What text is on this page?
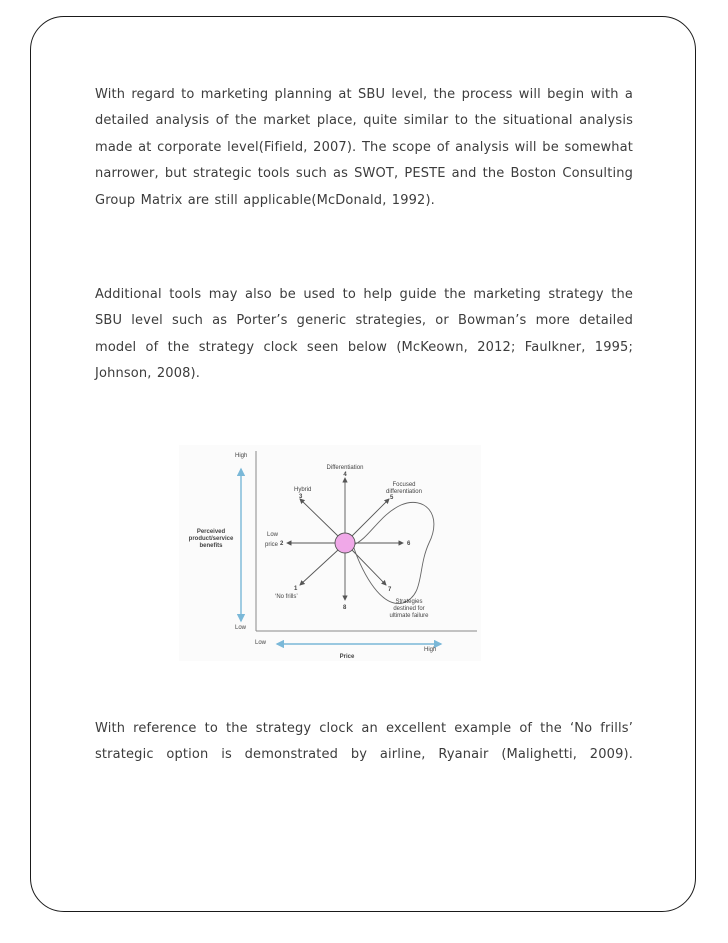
With regard to marketing planning at SBU level, the process will begin with a detailed analysis of the market place, quite similar to the situational analysis made at corporate level(Fifield, 2007). The scope of analysis will be somewhat narrower, but strategic tools such as SWOT, PESTE and the Boston Consulting Group Matrix are still applicable(McDonald, 1992).

Additional tools may also be used to help guide the marketing strategy the SBU level such as Porter’s generic strategies, or Bowman’s more detailed model of the strategy clock seen below (McKeown, 2012; Faulkner, 1995; Johnson, 2008).

High
Low
Perceived
product/service
benefits
Low
High
Price
Differentiation
4
Hybrid
3
Focused
differentiation
5
Low
price 2	6
1
‘No frills’
8
7
Strategies
destined for
ultimate failure

With reference to the strategy clock an excellent example of the ‘No frills’ strategic option is demonstrated by airline, Ryanair (Malighetti, 2009).
